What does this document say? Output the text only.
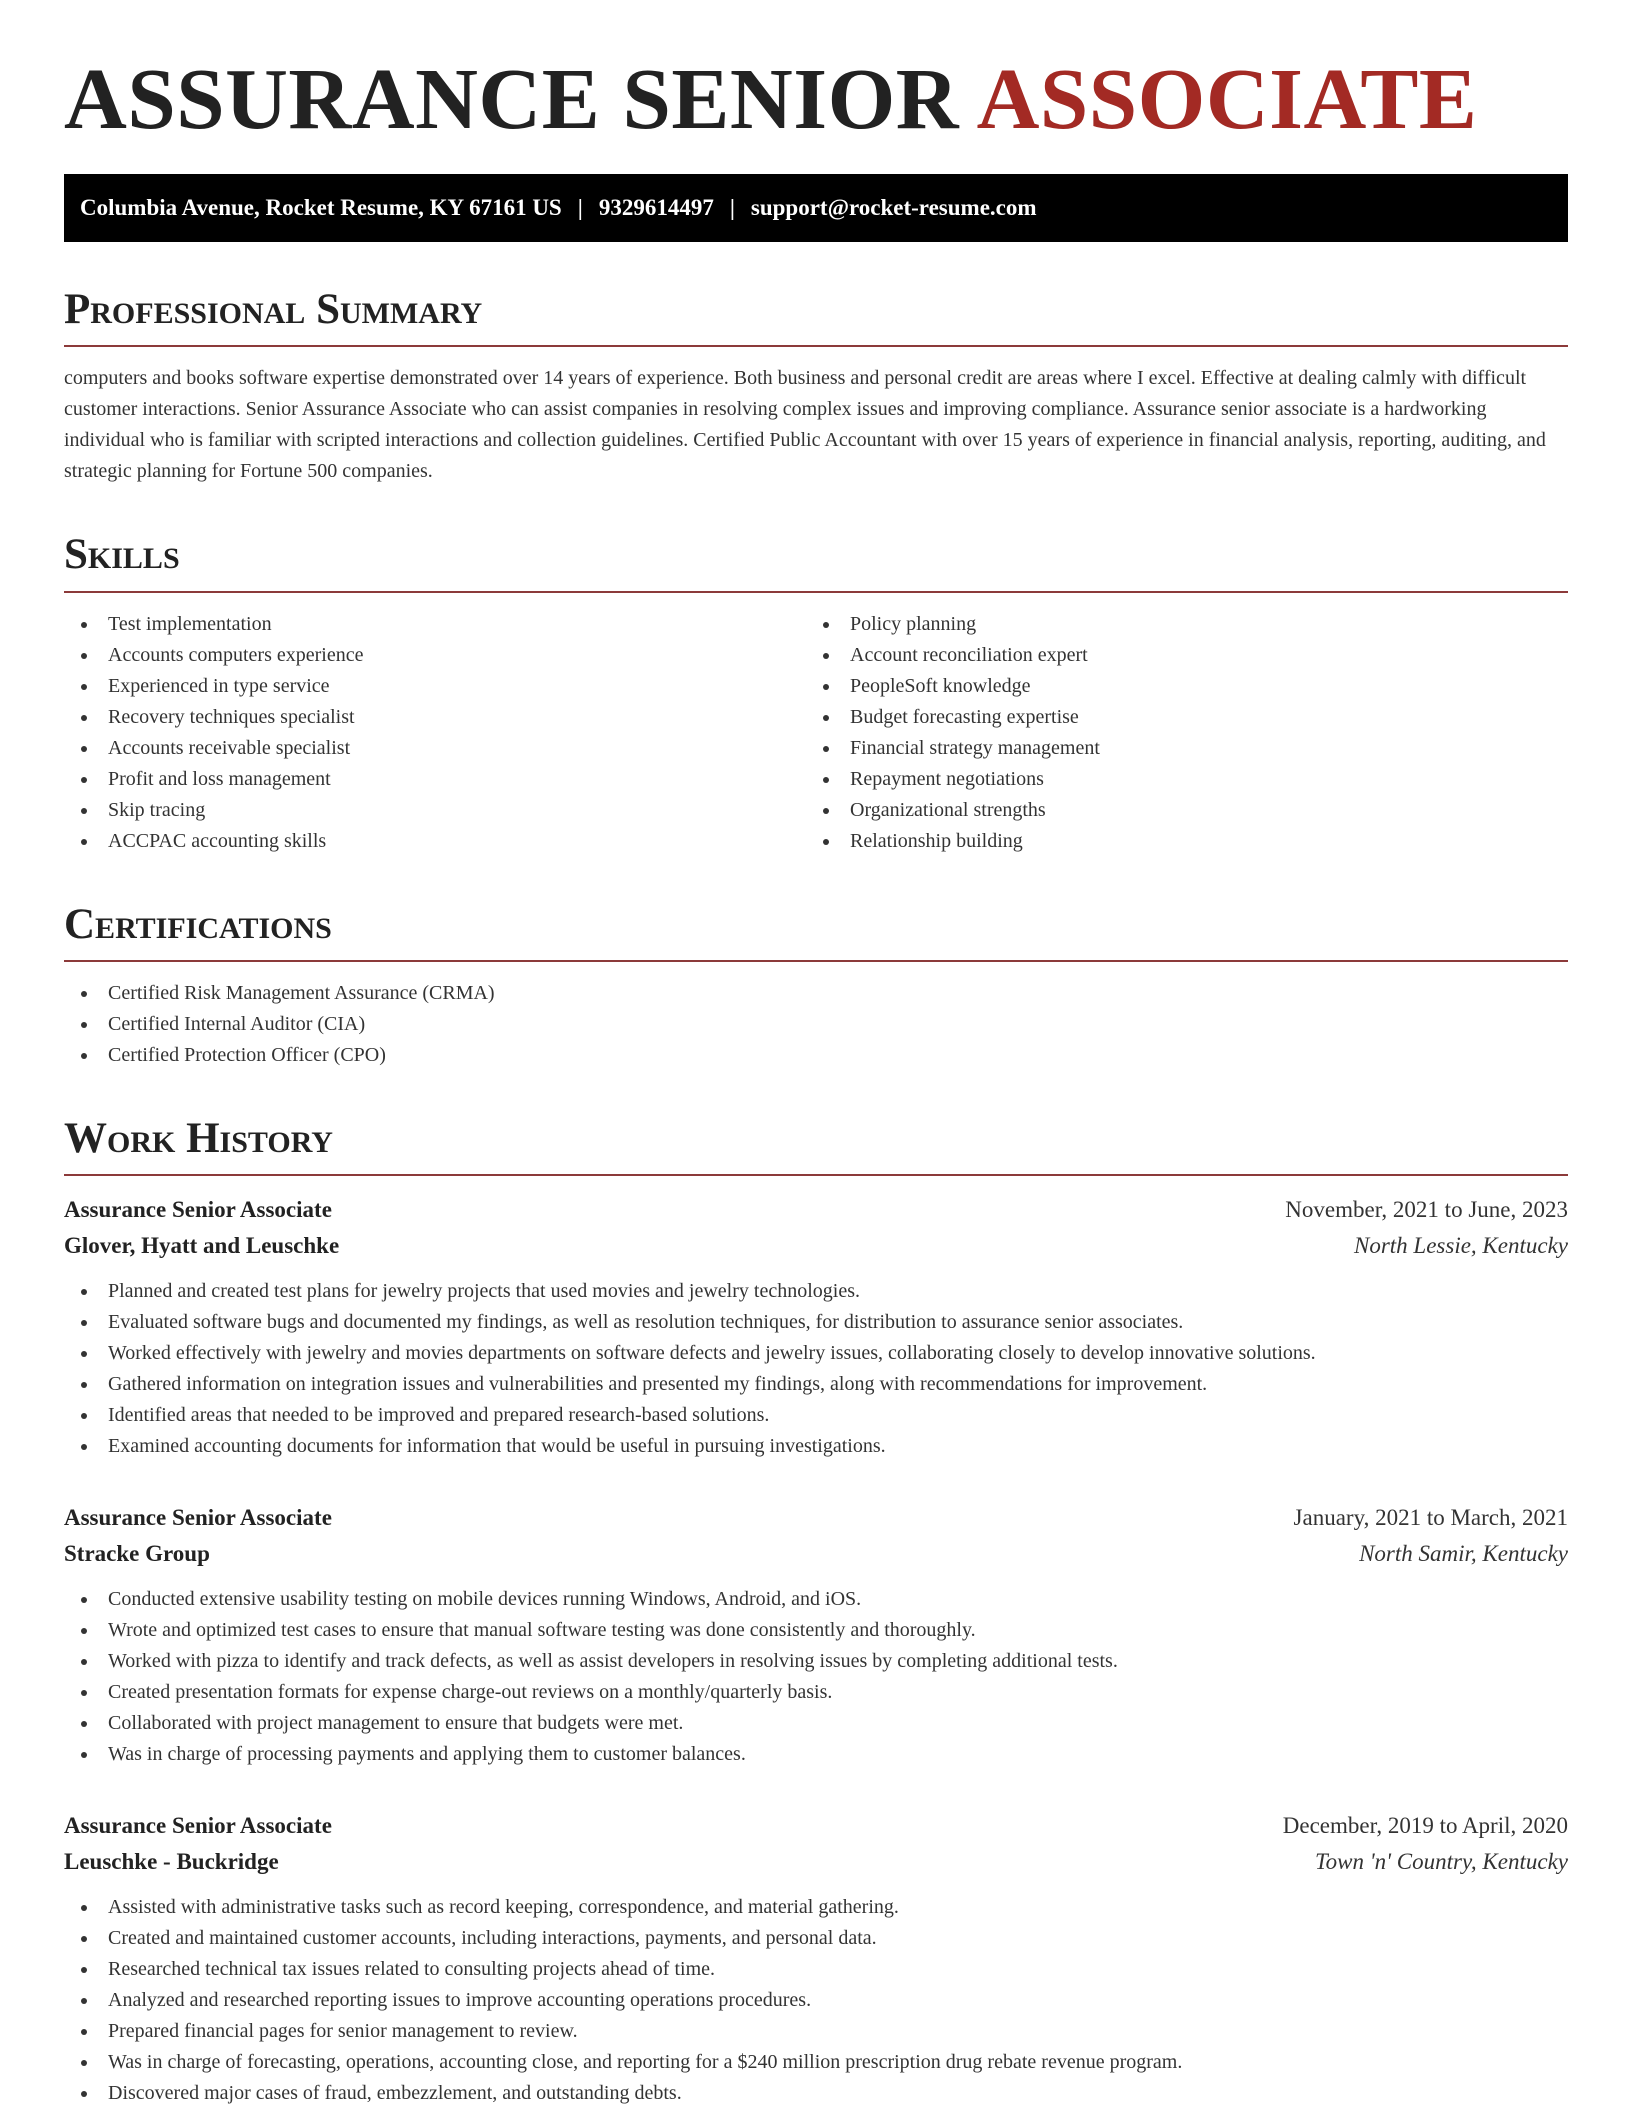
ASSURANCE SENIOR ASSOCIATE
Columbia Avenue, Rocket Resume, KY 67161 US | 9329614497 | support@rocket-resume.com
Professional Summary

computers and books software expertise demonstrated over 14 years of experience. Both business and personal credit are areas where I excel. Effective at dealing calmly with difficult customer interactions. Senior Assurance Associate who can assist companies in resolving complex issues and improving compliance. Assurance senior associate is a hardworking individual who is familiar with scripted interactions and collection guidelines. Certified Public Accountant with over 15 years of experience in financial analysis, reporting, auditing, and strategic planning for Fortune 500 companies.

Skills
Test implementation
Accounts computers experience
Experienced in type service
Recovery techniques specialist
Accounts receivable specialist
Profit and loss management
Skip tracing
ACCPAC accounting skills
Policy planning
Account reconciliation expert
PeopleSoft knowledge
Budget forecasting expertise
Financial strategy management
Repayment negotiations
Organizational strengths
Relationship building
Certifications
Certified Risk Management Assurance (CRMA)
Certified Internal Auditor (CIA)
Certified Protection Officer (CPO)
Work History
Assurance Senior Associate	November, 2021 to June, 2023
Glover, Hyatt and Leuschke	North Lessie, Kentucky
Planned and created test plans for jewelry projects that used movies and jewelry technologies.
Evaluated software bugs and documented my findings, as well as resolution techniques, for distribution to assurance senior associates.
Worked effectively with jewelry and movies departments on software defects and jewelry issues, collaborating closely to develop innovative solutions.
Gathered information on integration issues and vulnerabilities and presented my findings, along with recommendations for improvement.
Identified areas that needed to be improved and prepared research-based solutions.
Examined accounting documents for information that would be useful in pursuing investigations.
Assurance Senior Associate	January, 2021 to March, 2021
Stracke Group	North Samir, Kentucky
Conducted extensive usability testing on mobile devices running Windows, Android, and iOS.
Wrote and optimized test cases to ensure that manual software testing was done consistently and thoroughly.
Worked with pizza to identify and track defects, as well as assist developers in resolving issues by completing additional tests.
Created presentation formats for expense charge-out reviews on a monthly/quarterly basis.
Collaborated with project management to ensure that budgets were met.
Was in charge of processing payments and applying them to customer balances.
Assurance Senior Associate	December, 2019 to April, 2020
Leuschke - Buckridge	Town 'n' Country, Kentucky
Assisted with administrative tasks such as record keeping, correspondence, and material gathering.
Created and maintained customer accounts, including interactions, payments, and personal data.
Researched technical tax issues related to consulting projects ahead of time.
Analyzed and researched reporting issues to improve accounting operations procedures.
Prepared financial pages for senior management to review.
Was in charge of forecasting, operations, accounting close, and reporting for a $240 million prescription drug rebate revenue program.
Discovered major cases of fraud, embezzlement, and outstanding debts.
